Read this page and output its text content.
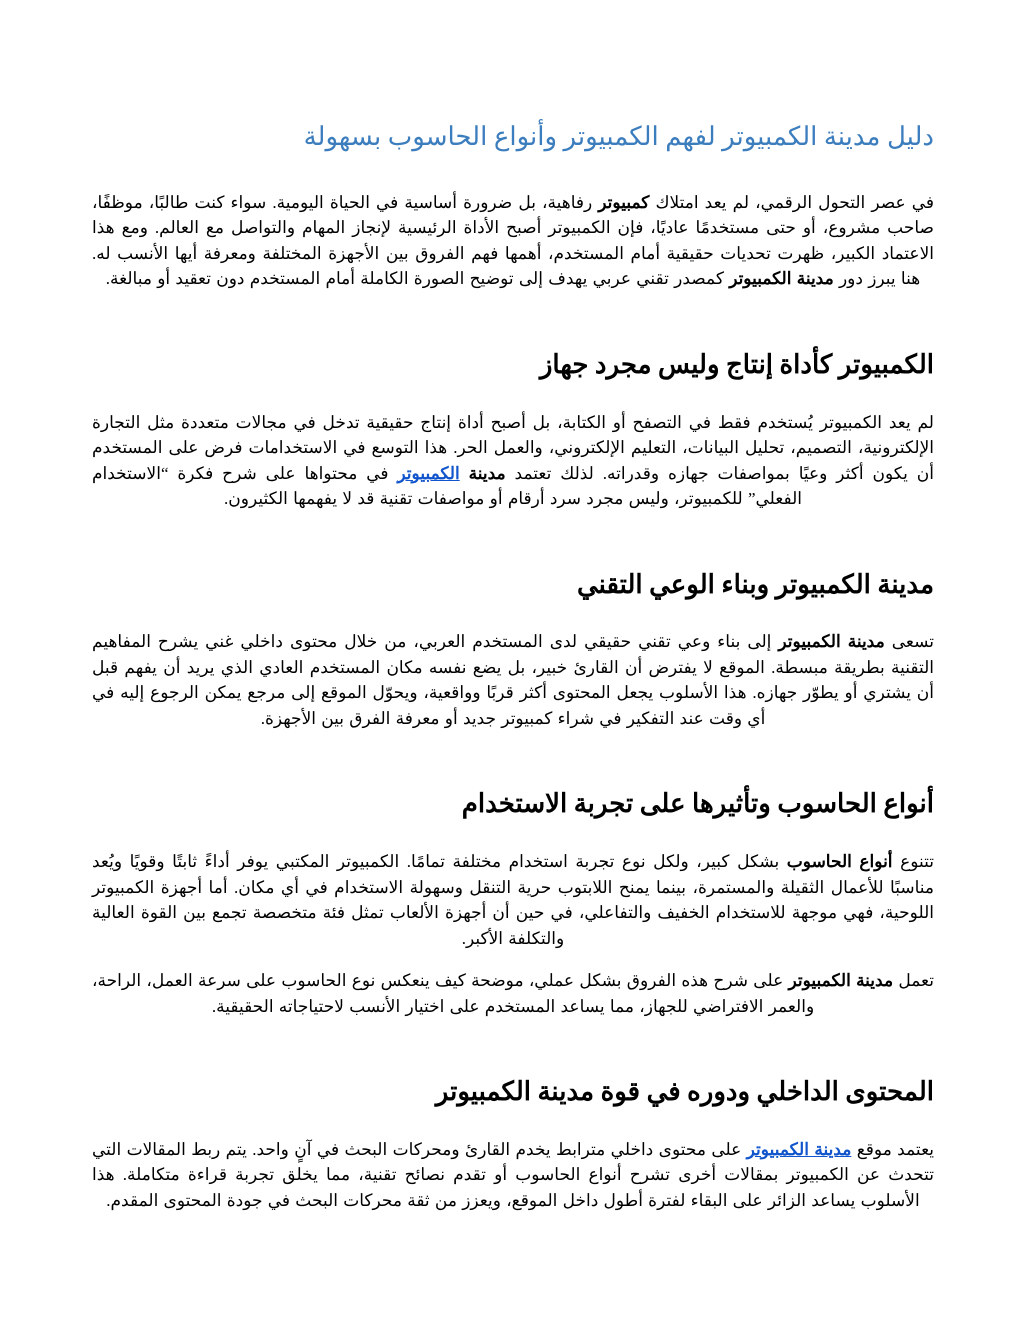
دليل مدينة الكمبيوتر لفهم الكمبيوتر وأنواع الحاسوب بسهولة

في عصر التحول الرقمي، لم يعد امتلاك كمبيوتر رفاهية، بل ضرورة أساسية في الحياة اليومية. سواء كنت طالبًا، موظفًا، صاحب مشروع، أو حتى مستخدمًا عاديًا، فإن الكمبيوتر أصبح الأداة الرئيسية لإنجاز المهام والتواصل مع العالم. ومع هذا الاعتماد الكبير، ظهرت تحديات حقيقية أمام المستخدم، أهمها فهم الفروق بين الأجهزة المختلفة ومعرفة أيها الأنسب له. هنا يبرز دور مدينة الكمبيوتر كمصدر تقني عربي يهدف إلى توضيح الصورة الكاملة أمام المستخدم دون تعقيد أو مبالغة.

الكمبيوتر كأداة إنتاج وليس مجرد جهاز

لم يعد الكمبيوتر يُستخدم فقط في التصفح أو الكتابة، بل أصبح أداة إنتاج حقيقية تدخل في مجالات متعددة مثل التجارة الإلكترونية، التصميم، تحليل البيانات، التعليم الإلكتروني، والعمل الحر. هذا التوسع في الاستخدامات فرض على المستخدم أن يكون أكثر وعيًا بمواصفات جهازه وقدراته. لذلك تعتمد مدينة الكمبيوتر في محتواها على شرح فكرة “الاستخدام الفعلي” للكمبيوتر، وليس مجرد سرد أرقام أو مواصفات تقنية قد لا يفهمها الكثيرون.

مدينة الكمبيوتر وبناء الوعي التقني

تسعى مدينة الكمبيوتر إلى بناء وعي تقني حقيقي لدى المستخدم العربي، من خلال محتوى داخلي غني يشرح المفاهيم التقنية بطريقة مبسطة. الموقع لا يفترض أن القارئ خبير، بل يضع نفسه مكان المستخدم العادي الذي يريد أن يفهم قبل أن يشتري أو يطوّر جهازه. هذا الأسلوب يجعل المحتوى أكثر قربًا وواقعية، ويحوّل الموقع إلى مرجع يمكن الرجوع إليه في أي وقت عند التفكير في شراء كمبيوتر جديد أو معرفة الفرق بين الأجهزة.

أنواع الحاسوب وتأثيرها على تجربة الاستخدام

تتنوع أنواع الحاسوب بشكل كبير، ولكل نوع تجربة استخدام مختلفة تمامًا. الكمبيوتر المكتبي يوفر أداءً ثابتًا وقويًا ويُعد مناسبًا للأعمال الثقيلة والمستمرة، بينما يمنح اللابتوب حرية التنقل وسهولة الاستخدام في أي مكان. أما أجهزة الكمبيوتر اللوحية، فهي موجهة للاستخدام الخفيف والتفاعلي، في حين أن أجهزة الألعاب تمثل فئة متخصصة تجمع بين القوة العالية والتكلفة الأكبر.

تعمل مدينة الكمبيوتر على شرح هذه الفروق بشكل عملي، موضحة كيف ينعكس نوع الحاسوب على سرعة العمل، الراحة، والعمر الافتراضي للجهاز، مما يساعد المستخدم على اختيار الأنسب لاحتياجاته الحقيقية.

المحتوى الداخلي ودوره في قوة مدينة الكمبيوتر

يعتمد موقع مدينة الكمبيوتر على محتوى داخلي مترابط يخدم القارئ ومحركات البحث في آنٍ واحد. يتم ربط المقالات التي تتحدث عن الكمبيوتر بمقالات أخرى تشرح أنواع الحاسوب أو تقدم نصائح تقنية، مما يخلق تجربة قراءة متكاملة. هذا الأسلوب يساعد الزائر على البقاء لفترة أطول داخل الموقع، ويعزز من ثقة محركات البحث في جودة المحتوى المقدم.
